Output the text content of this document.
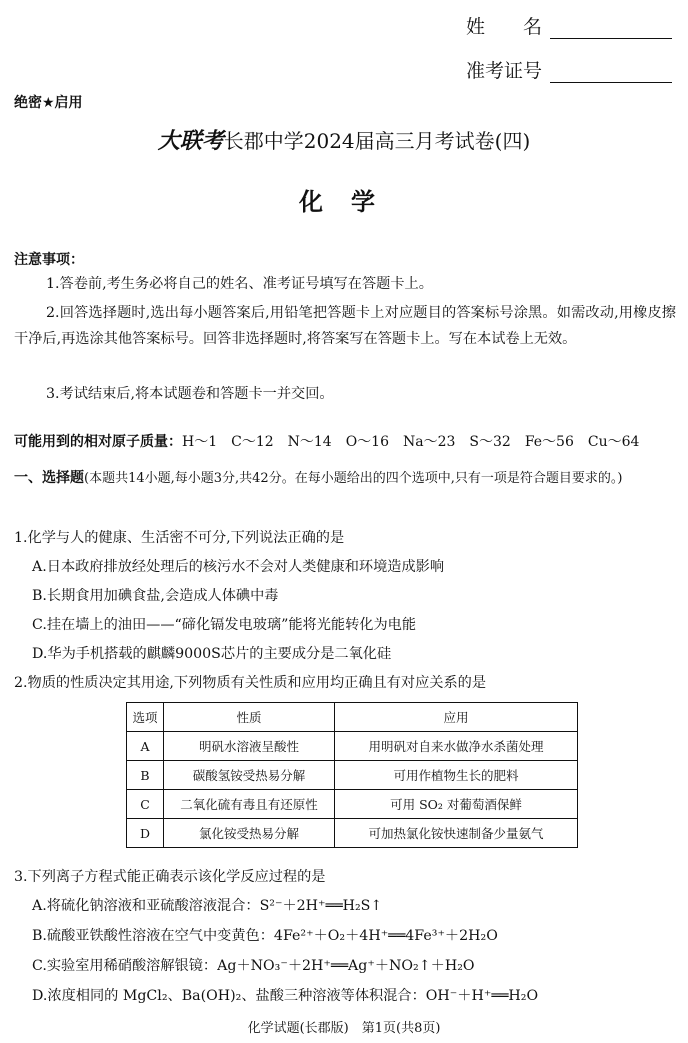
姓　　名
准考证号
绝密★启用
大联考长郡中学2024届高三月考试卷(四)
化学
注意事项：
1.答卷前,考生务必将自己的姓名、准考证号填写在答题卡上。
2.回答选择题时,选出每小题答案后,用铅笔把答题卡上对应题目的答案标号涂黑。如需改动,用橡皮擦干净后,再选涂其他答案标号。回答非选择题时,将答案写在答题卡上。写在本试卷上无效。
3.考试结束后,将本试题卷和答题卡一并交回。
可能用到的相对原子质量：H～1　C～12　N～14　O～16　Na～23　S～32　Fe～56　Cu～64
一、选择题(本题共14小题,每小题3分,共42分。在每小题给出的四个选项中,只有一项是符合题目要求的。)
1.化学与人的健康、生活密不可分,下列说法正确的是
A.日本政府排放经处理后的核污水不会对人类健康和环境造成影响
B.长期食用加碘食盐,会造成人体碘中毒
C.挂在墙上的油田——“碲化镉发电玻璃”能将光能转化为电能
D.华为手机搭载的麒麟9000S芯片的主要成分是二氧化硅
2.物质的性质决定其用途,下列物质有关性质和应用均正确且有对应关系的是
选项	性质	应用
A	明矾水溶液呈酸性	用明矾对自来水做净水杀菌处理
B	碳酸氢铵受热易分解	可用作植物生长的肥料
C	二氧化硫有毒且有还原性	可用 SO₂ 对葡萄酒保鲜
D	氯化铵受热易分解	可加热氯化铵快速制备少量氨气
3.下列离子方程式能正确表示该化学反应过程的是
A.将硫化钠溶液和亚硫酸溶液混合：S²⁻＋2H⁺══H₂S↑
B.硫酸亚铁酸性溶液在空气中变黄色：4Fe²⁺＋O₂＋4H⁺══4Fe³⁺＋2H₂O
C.实验室用稀硝酸溶解银镜：Ag＋NO₃⁻＋2H⁺══Ag⁺＋NO₂↑＋H₂O
D.浓度相同的 MgCl₂、Ba(OH)₂、盐酸三种溶液等体积混合：OH⁻＋H⁺══H₂O
化学试题(长郡版)　第1页(共8页)
